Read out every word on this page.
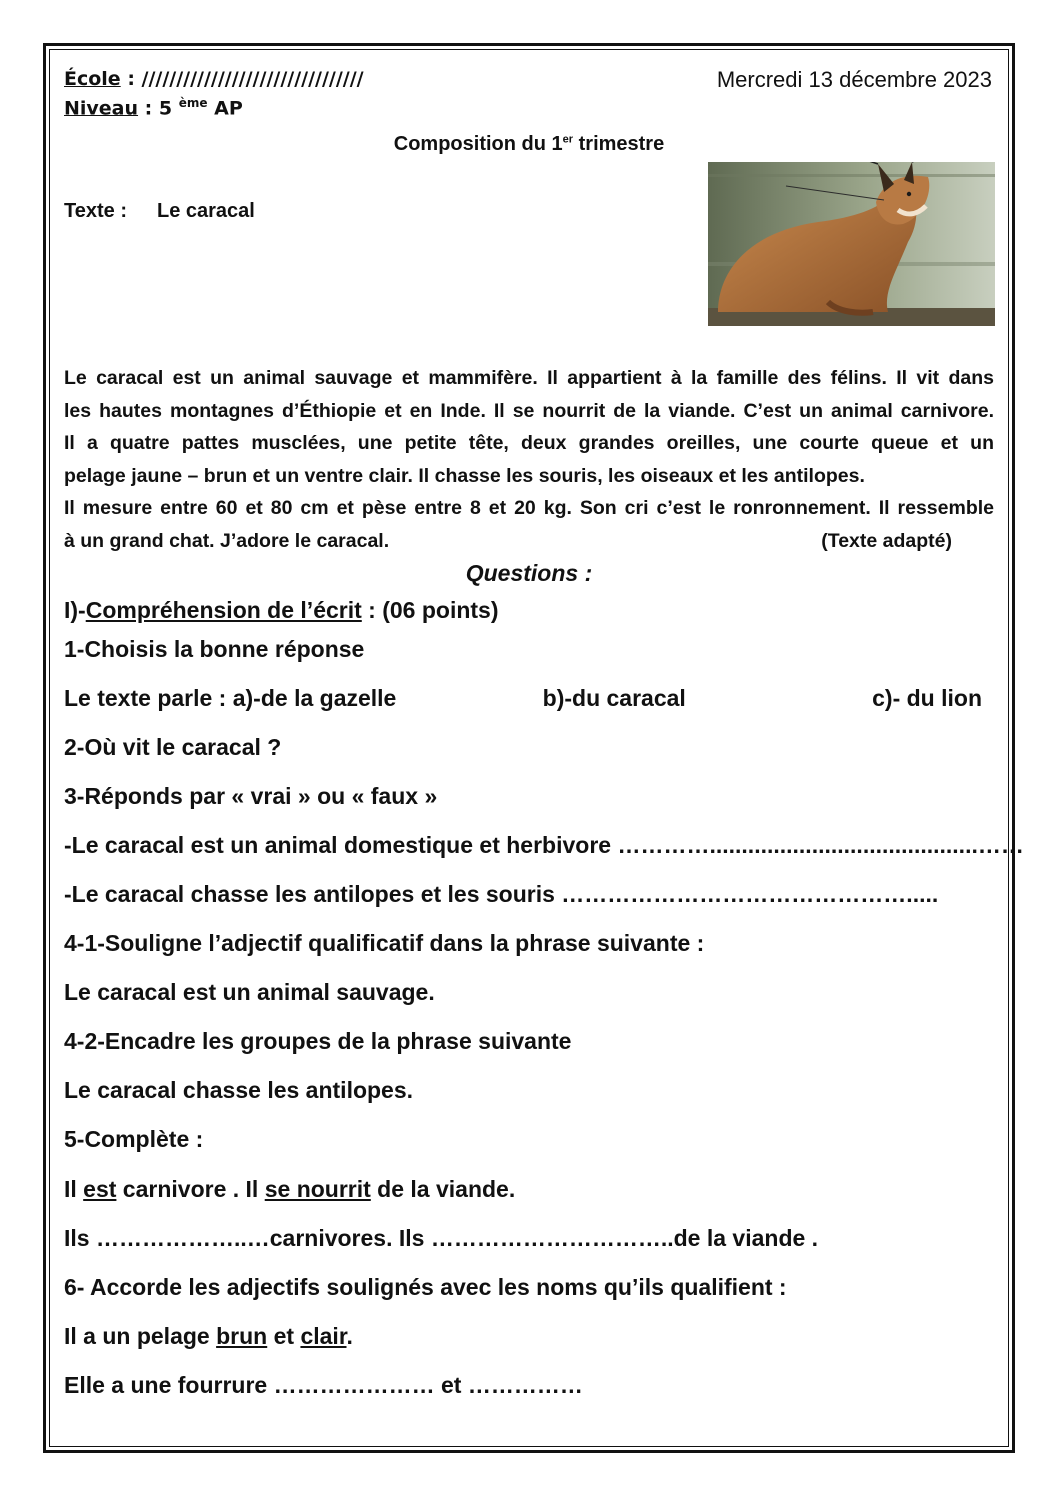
École : ////////////////////////////////
Niveau : 5 $^{ème}$ AP
Mercredi 13 décembre 2023
Composition du 1er trimestre
Texte : Le caracal
Le caracal est un animal sauvage et mammifère. Il appartient à la famille des félins. Il vit dans
les hautes montagnes d’Éthiopie et en Inde. Il se nourrit de la viande. C’est un animal carnivore.
Il a quatre pattes musclées, une petite tête, deux grandes oreilles, une courte queue et un
pelage jaune – brun et un ventre clair. Il chasse les souris, les oiseaux et les antilopes.
Il mesure entre 60 et 80 cm et pèse entre 8 et 20 kg. Son cri c’est le ronronnement. Il ressemble
à un grand chat. J’adore le caracal.	(Texte adapté)
Questions :
I)-Compréhension de l’écrit : (06 points)
1-Choisis la bonne réponse
Le texte parle : a)-de la gazelle	b)-du caracal	c)- du lion
2-Où vit le caracal ?
3-Réponds par « vrai » ou « faux »
-Le caracal est un animal domestique et herbivore …………..........................................……
-Le caracal chasse les antilopes et les souris ……………………………………….....
4-1-Souligne l’adjectif qualificatif dans la phrase suivante :
Le caracal est un animal sauvage.
4-2-Encadre les groupes de la phrase suivante
Le caracal chasse les antilopes.
5-Complète :
Il est carnivore . Il se nourrit de la viande.
Ils ………………..…carnivores. Ils …………………………..de la viande .
6- Accorde les adjectifs soulignés avec les noms qu’ils qualifient :
Il a un pelage brun et clair.
Elle a une fourrure ………………… et ……………
